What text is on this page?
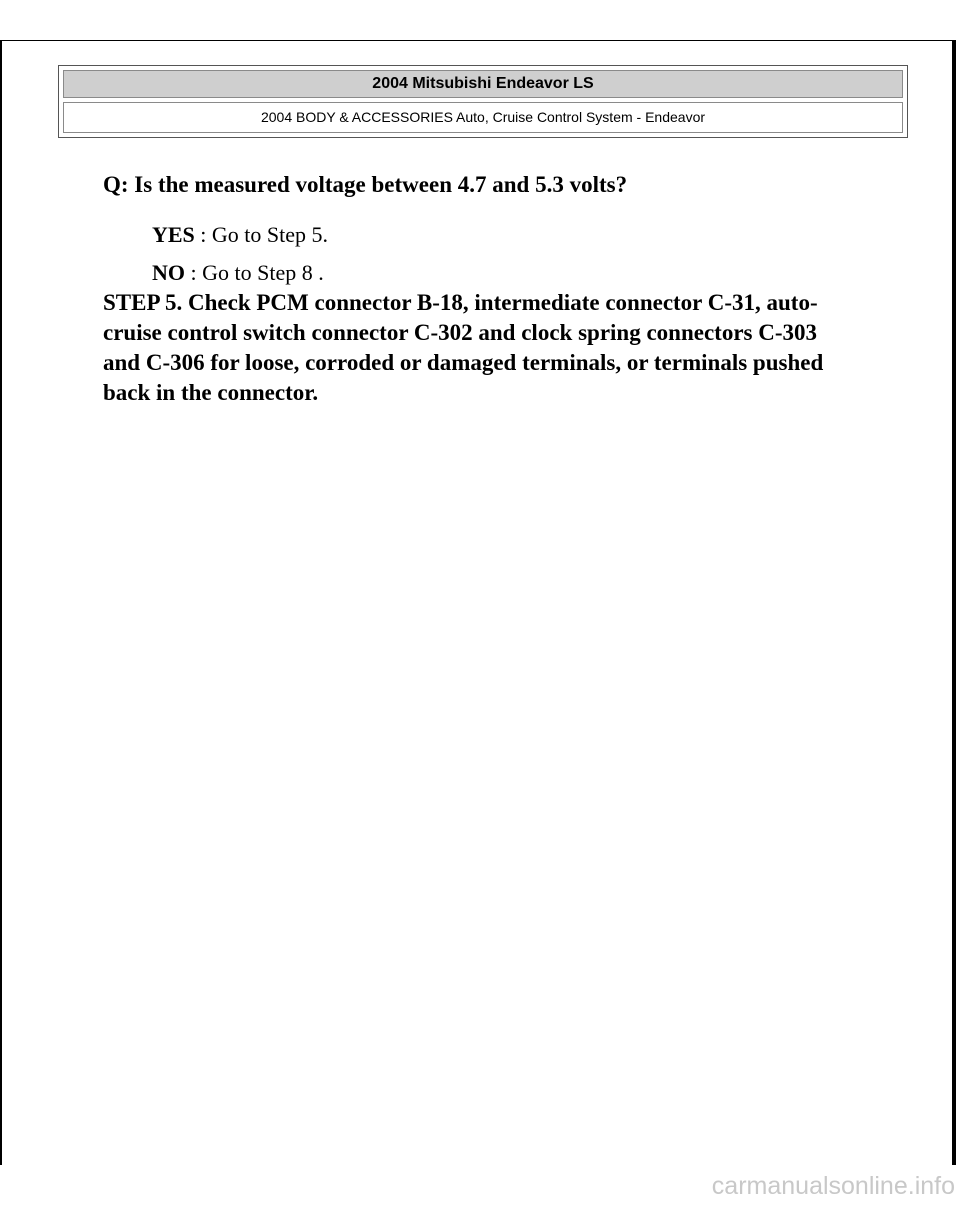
2004 Mitsubishi Endeavor LS
2004 BODY & ACCESSORIES Auto, Cruise Control System - Endeavor
Q: Is the measured voltage between 4.7 and 5.3 volts?
YES : Go to Step 5.
NO : Go to Step 8 .
STEP 5. Check PCM connector B-18, intermediate connector C-31, auto-
cruise control switch connector C-302 and clock spring connectors C-303
and C-306 for loose, corroded or damaged terminals, or terminals pushed
back in the connector.
carmanualsonline.info
